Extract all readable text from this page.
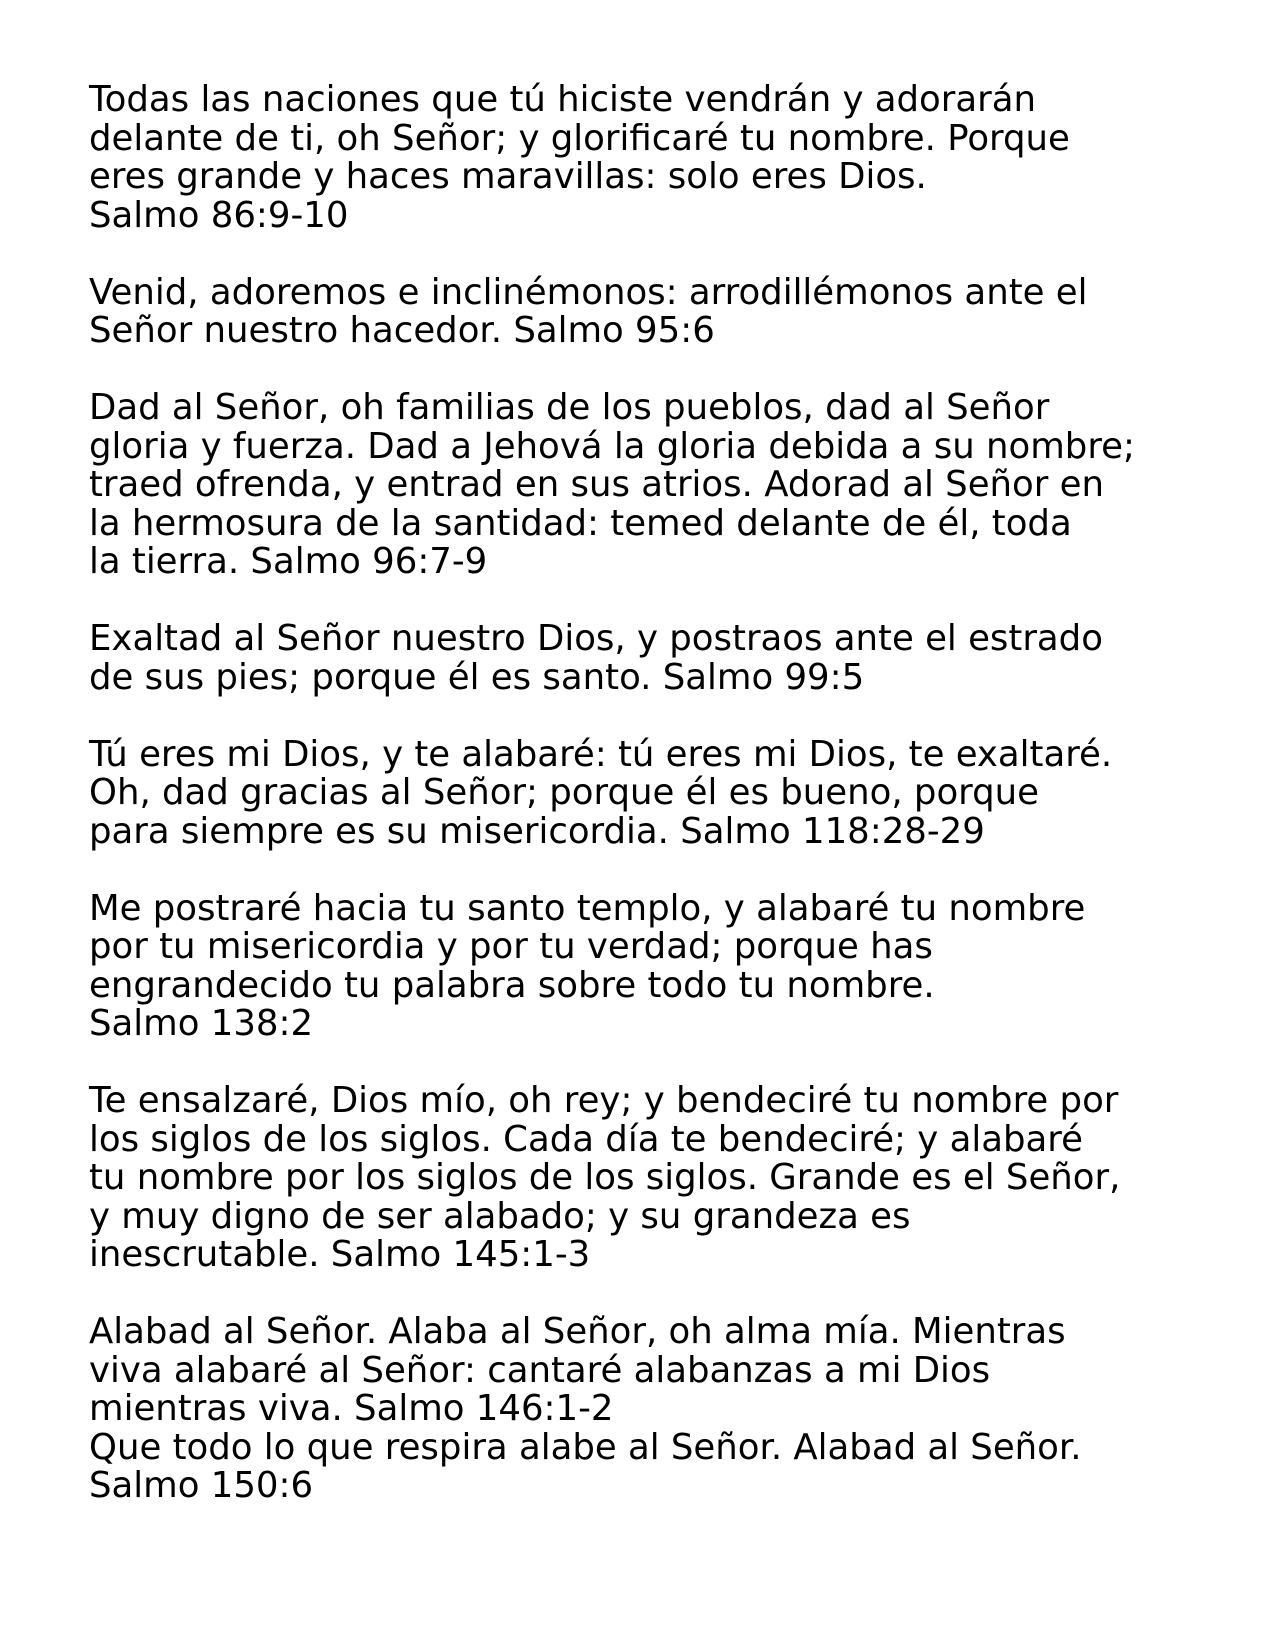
Todas las naciones que tú hiciste vendrán y adorarán
delante de ti, oh Señor; y glorificaré tu nombre. Porque
eres grande y haces maravillas: solo eres Dios.
Salmo 86:9-10
Venid, adoremos e inclinémonos: arrodillémonos ante el
Señor nuestro hacedor. Salmo 95:6
Dad al Señor, oh familias de los pueblos, dad al Señor
gloria y fuerza. Dad a Jehová la gloria debida a su nombre;
traed ofrenda, y entrad en sus atrios. Adorad al Señor en
la hermosura de la santidad: temed delante de él, toda
la tierra. Salmo 96:7-9
Exaltad al Señor nuestro Dios, y postraos ante el estrado
de sus pies; porque él es santo. Salmo 99:5
Tú eres mi Dios, y te alabaré: tú eres mi Dios, te exaltaré.
Oh, dad gracias al Señor; porque él es bueno, porque
para siempre es su misericordia. Salmo 118:28-29
Me postraré hacia tu santo templo, y alabaré tu nombre
por tu misericordia y por tu verdad; porque has
engrandecido tu palabra sobre todo tu nombre.
Salmo 138:2
Te ensalzaré, Dios mío, oh rey; y bendeciré tu nombre por
los siglos de los siglos. Cada día te bendeciré; y alabaré
tu nombre por los siglos de los siglos. Grande es el Señor,
y muy digno de ser alabado; y su grandeza es
inescrutable. Salmo 145:1-3
Alabad al Señor. Alaba al Señor, oh alma mía. Mientras
viva alabaré al Señor: cantaré alabanzas a mi Dios
mientras viva. Salmo 146:1-2
Que todo lo que respira alabe al Señor. Alabad al Señor.
Salmo 150:6
